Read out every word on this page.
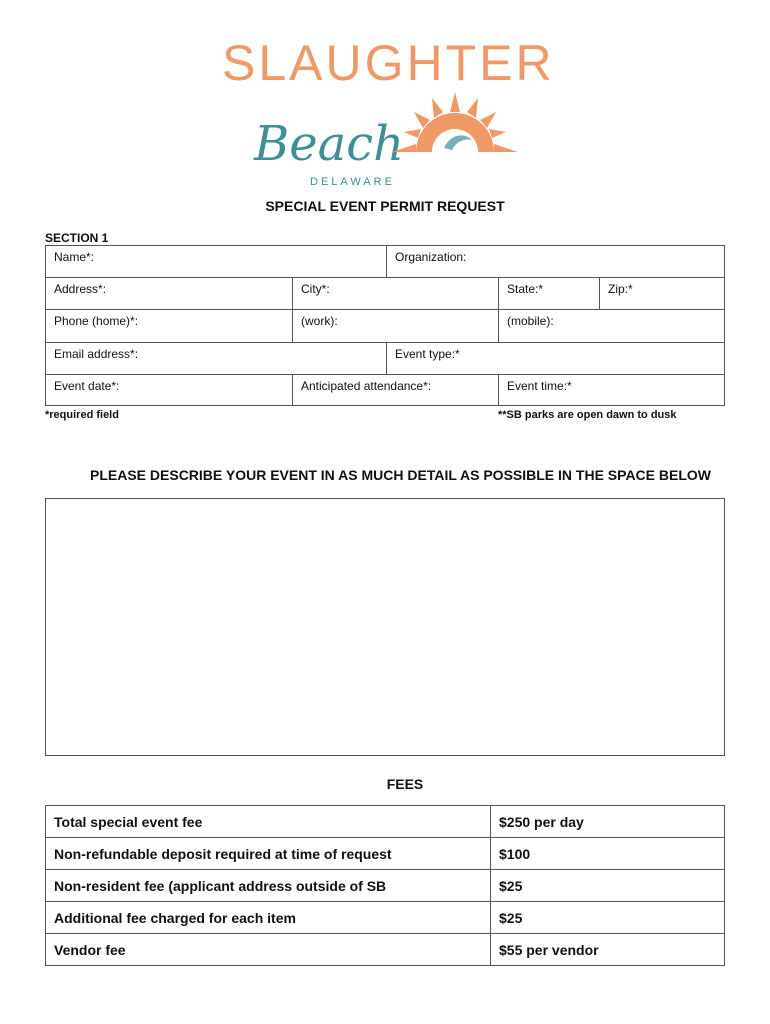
SLAUGHTER
Beach
DELAWARE
SPECIAL EVENT PERMIT REQUEST
SECTION 1
Name*:	Organization:
Address*:	City*:	State:*	Zip:*
Phone (home)*:	(work):	(mobile):
Email address*:	Event type:*
Event date*:	Anticipated attendance*:	Event time:*
*required field	**SB parks are open dawn to dusk
PLEASE DESCRIBE YOUR EVENT IN AS MUCH DETAIL AS POSSIBLE IN THE SPACE BELOW
FEES
Total special event fee	$250 per day
Non-refundable deposit required at time of request	$100
Non-resident fee (applicant address outside of SB	$25
Additional fee charged for each item	$25
Vendor fee	$55 per vendor
